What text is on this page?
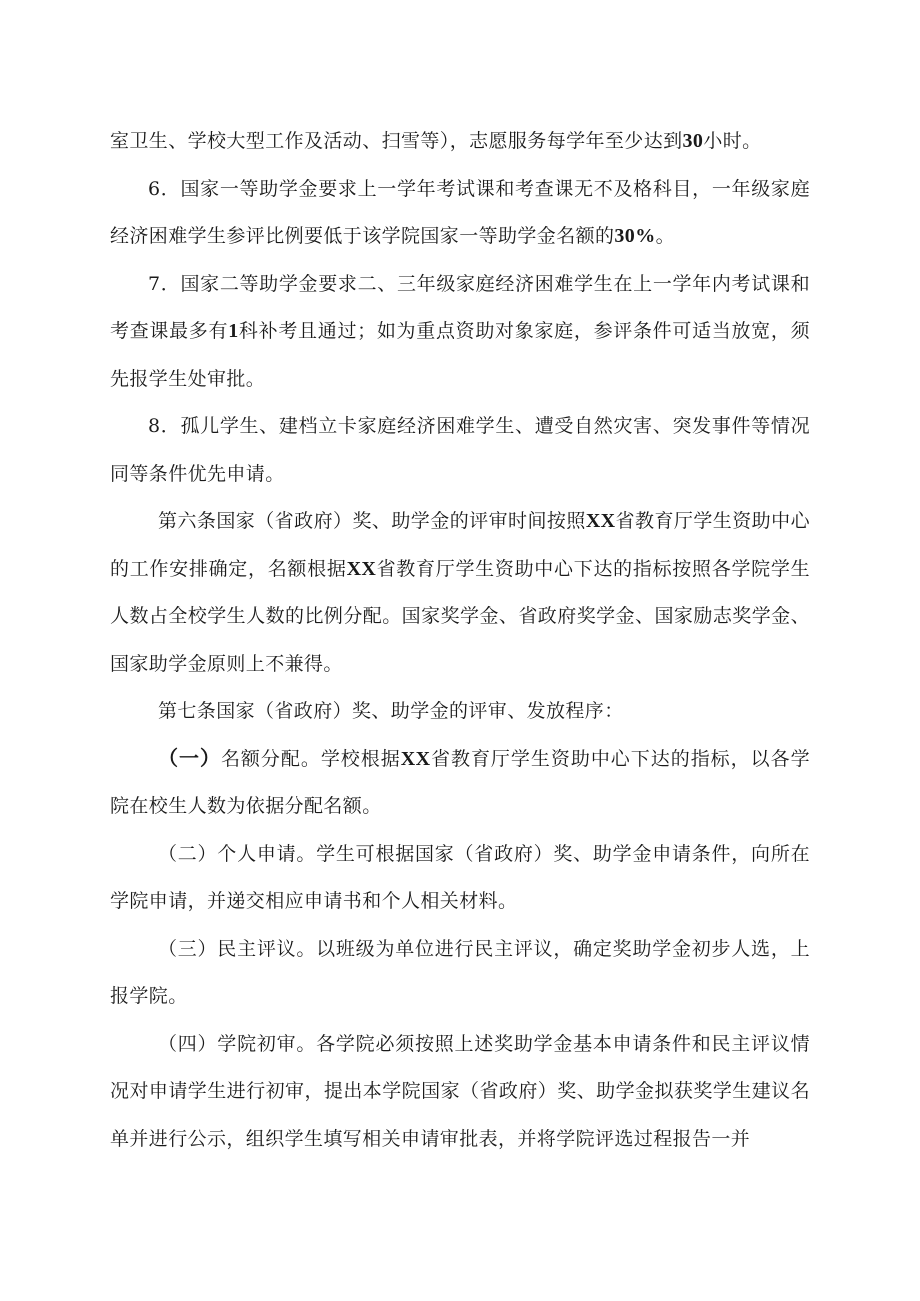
室卫生、学校大型工作及活动、扫雪等），志愿服务每学年至少达到30小时。

6．国家一等助学金要求上一学年考试课和考查课无不及格科目，一年级家庭经济困难学生参评比例要低于该学院国家一等助学金名额的30%。

7．国家二等助学金要求二、三年级家庭经济困难学生在上一学年内考试课和考查课最多有1科补考且通过；如为重点资助对象家庭，参评条件可适当放宽，须先报学生处审批。

8．孤儿学生、建档立卡家庭经济困难学生、遭受自然灾害、突发事件等情况同等条件优先申请。

第六条国家（省政府）奖、助学金的评审时间按照XX省教育厅学生资助中心的工作安排确定，名额根据XX省教育厅学生资助中心下达的指标按照各学院学生人数占全校学生人数的比例分配。国家奖学金、省政府奖学金、国家励志奖学金、国家助学金原则上不兼得。

第七条国家（省政府）奖、助学金的评审、发放程序：

（一）名额分配。学校根据XX省教育厅学生资助中心下达的指标，以各学院在校生人数为依据分配名额。

（二）个人申请。学生可根据国家（省政府）奖、助学金申请条件，向所在学院申请，并递交相应申请书和个人相关材料。

（三）民主评议。以班级为单位进行民主评议，确定奖助学金初步人选，上报学院。

（四）学院初审。各学院必须按照上述奖助学金基本申请条件和民主评议情况对申请学生进行初审，提出本学院国家（省政府）奖、助学金拟获奖学生建议名单并进行公示，组织学生填写相关申请审批表，并将学院评选过程报告一并
